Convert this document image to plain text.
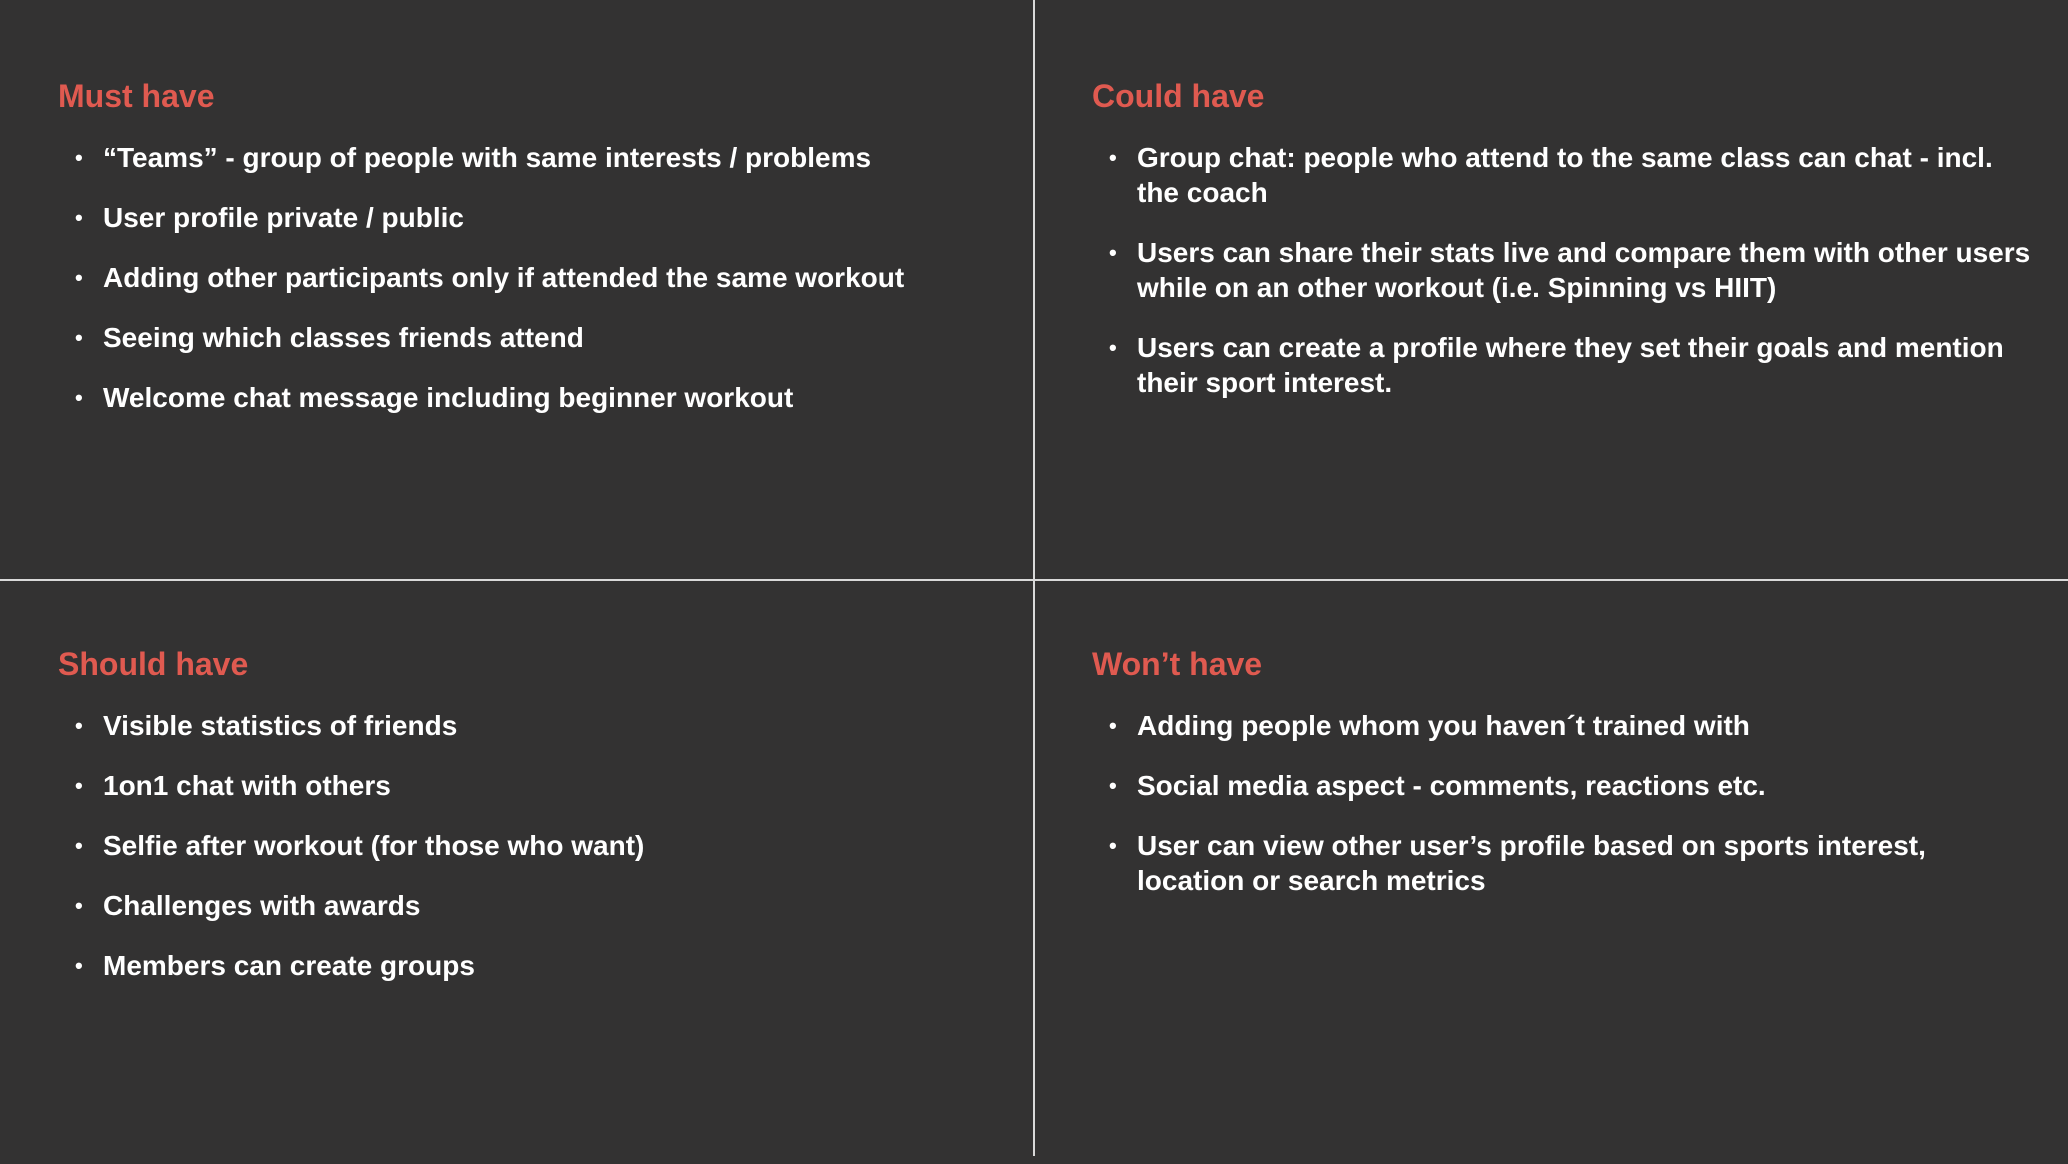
Must have
• “Teams” - group of people with same interests / problems
• User profile private / public
• Adding other participants only if attended the same workout
• Seeing which classes friends attend
• Welcome chat message including beginner workout
Could have
• Group chat: people who attend to the same class can chat - incl. the coach
• Users can share their stats live and compare them with other users while on an other workout (i.e. Spinning vs HIIT)
• Users can create a profile where they set their goals and mention their sport interest.
Should have
• Visible statistics of friends
• 1on1 chat with others
• Selfie after workout (for those who want)
• Challenges with awards
• Members can create groups
Won’t have
• Adding people whom you haven´t trained with
• Social media aspect - comments, reactions etc.
• User can view other user’s profile based on sports interest, location or search metrics
